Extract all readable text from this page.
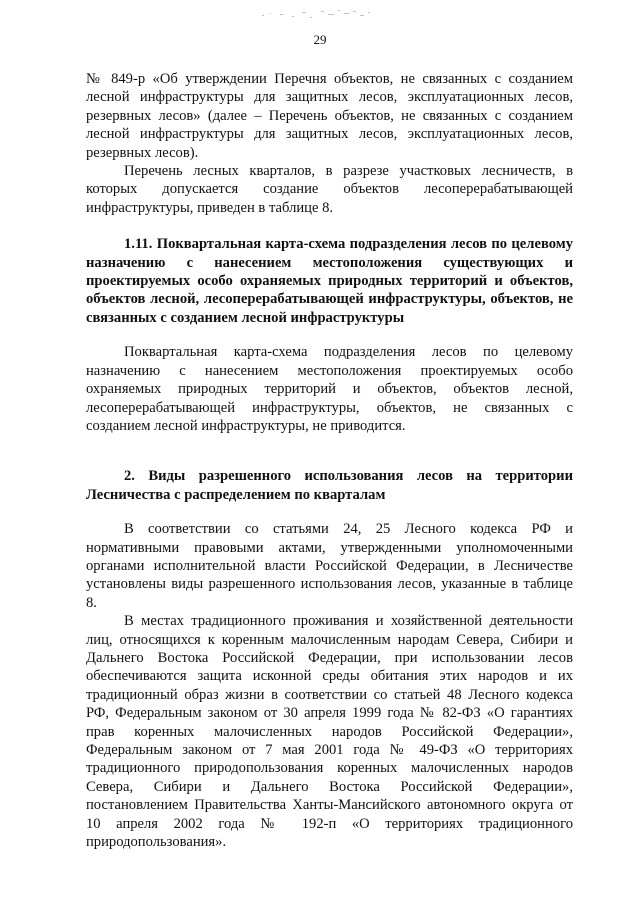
29

№ 849-р «Об утверждении Перечня объектов, не связанных с созданием лесной инфраструктуры для защитных лесов, эксплуатационных лесов, резервных лесов» (далее – Перечень объектов, не связанных с созданием лесной инфраструктуры для защитных лесов, эксплуатационных лесов, резервных лесов).

Перечень лесных кварталов, в разрезе участковых лесничеств, в которых допускается создание объектов лесоперерабатывающей инфраструктуры, приведен в таблице 8.

1.11. Поквартальная карта-схема подразделения лесов по целевому назначению с нанесением местоположения существующих и проектируемых особо охраняемых природных территорий и объектов, объектов лесной, лесоперерабатывающей инфраструктуры, объектов, не связанных с созданием лесной инфраструктуры

Поквартальная карта-схема подразделения лесов по целевому назначению с нанесением местоположения проектируемых особо охраняемых природных территорий и объектов, объектов лесной, лесоперерабатывающей инфраструктуры, объектов, не связанных с созданием лесной инфраструктуры, не приводится.

2. Виды разрешенного использования лесов на территории Лесничества с распределением по кварталам

В соответствии со статьями 24, 25 Лесного кодекса РФ и нормативными правовыми актами, утвержденными уполномоченными органами исполнительной власти Российской Федерации, в Лесничестве установлены виды разрешенного использования лесов, указанные в таблице 8.

В местах традиционного проживания и хозяйственной деятельности лиц, относящихся к коренным малочисленным народам Севера, Сибири и Дальнего Востока Российской Федерации, при использовании лесов обеспечиваются защита исконной среды обитания этих народов и их традиционный образ жизни в соответствии со статьей 48 Лесного кодекса РФ, Федеральным законом от 30 апреля 1999 года № 82-ФЗ «О гарантиях прав коренных малочисленных народов Российской Федерации», Федеральным законом от 7 мая 2001 года № 49-ФЗ «О территориях традиционного природопользования коренных малочисленных народов Севера, Сибири и Дальнего Востока Российской Федерации», постановлением Правительства Ханты-Мансийского автономного округа от 10 апреля 2002 года № 192-п «О территориях традиционного природопользования».
